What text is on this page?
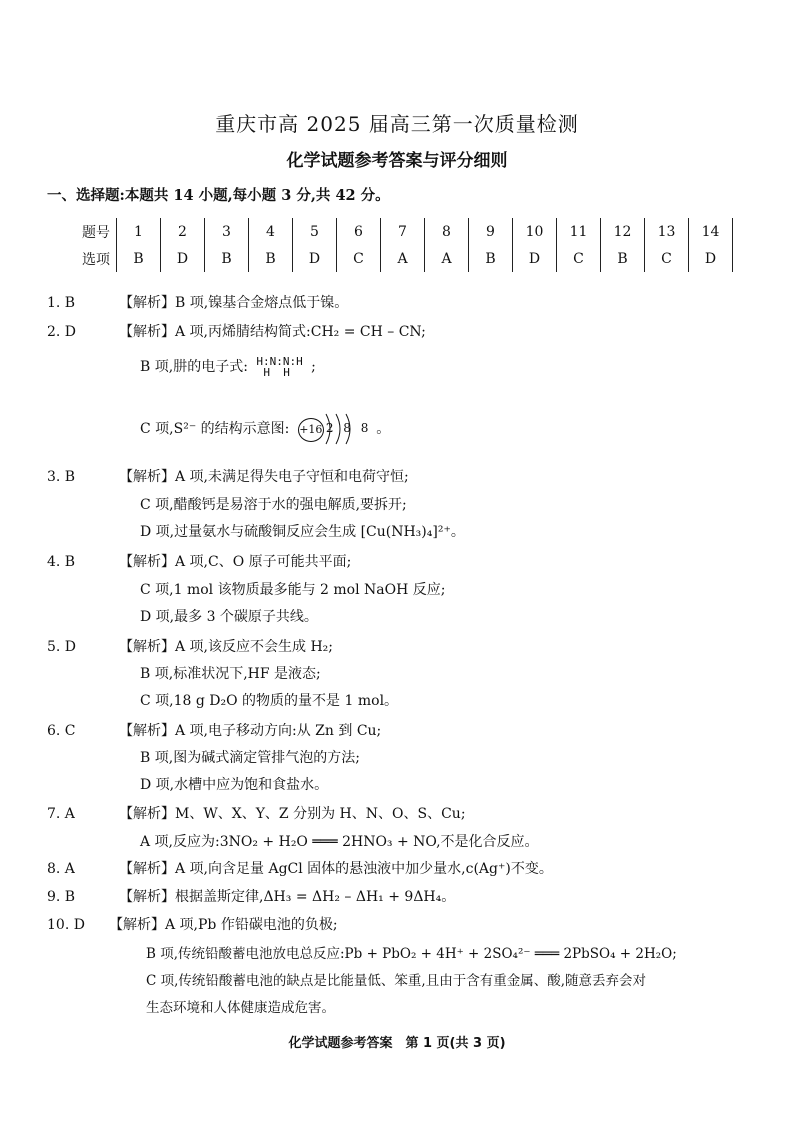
重庆市高 2025 届高三第一次质量检测
化学试题参考答案与评分细则
一、选择题:本题共 14 小题,每小题 3 分,共 42 分。
题号	1	2	3	4	5	6	7	8	9	10	11	12	13	14
选项	B	D	B	B	D	C	A	A	B	D	C	B	C	D
1. B	【解析】B 项,镍基合金熔点低于镍。
2. D	【解析】A 项,丙烯腈结构简式:CH₂ = CH – CN;
B 项,肼的电子式: H:N:N:H
H  H	;
C 项,S²⁻ 的结构示意图: +16 2 8 8 。
3. B	【解析】A 项,未满足得失电子守恒和电荷守恒;
C 项,醋酸钙是易溶于水的强电解质,要拆开;
D 项,过量氨水与硫酸铜反应会生成 [Cu(NH₃)₄]²⁺。
4. B	【解析】A 项,C、O 原子可能共平面;
C 项,1 mol 该物质最多能与 2 mol NaOH 反应;
D 项,最多 3 个碳原子共线。
5. D	【解析】A 项,该反应不会生成 H₂;
B 项,标准状况下,HF 是液态;
C 项,18 g D₂O 的物质的量不是 1 mol。
6. C	【解析】A 项,电子移动方向:从 Zn 到 Cu;
B 项,图为碱式滴定管排气泡的方法;
D 项,水槽中应为饱和食盐水。
7. A	【解析】M、W、X、Y、Z 分别为 H、N、O、S、Cu;
A 项,反应为:3NO₂ + H₂O ═══ 2HNO₃ + NO,不是化合反应。
8. A	【解析】A 项,向含足量 AgCl 固体的悬浊液中加少量水,c(Ag⁺)不变。
9. B	【解析】根据盖斯定律,ΔH₃ = ΔH₂ – ΔH₁ + 9ΔH₄。
10. D 【解析】A 项,Pb 作铅碳电池的负极;
B 项,传统铅酸蓄电池放电总反应:Pb + PbO₂ + 4H⁺ + 2SO₄²⁻ ═══ 2PbSO₄ + 2H₂O;
C 项,传统铅酸蓄电池的缺点是比能量低、笨重,且由于含有重金属、酸,随意丢弃会对
生态环境和人体健康造成危害。
化学试题参考答案　第 1 页(共 3 页)
